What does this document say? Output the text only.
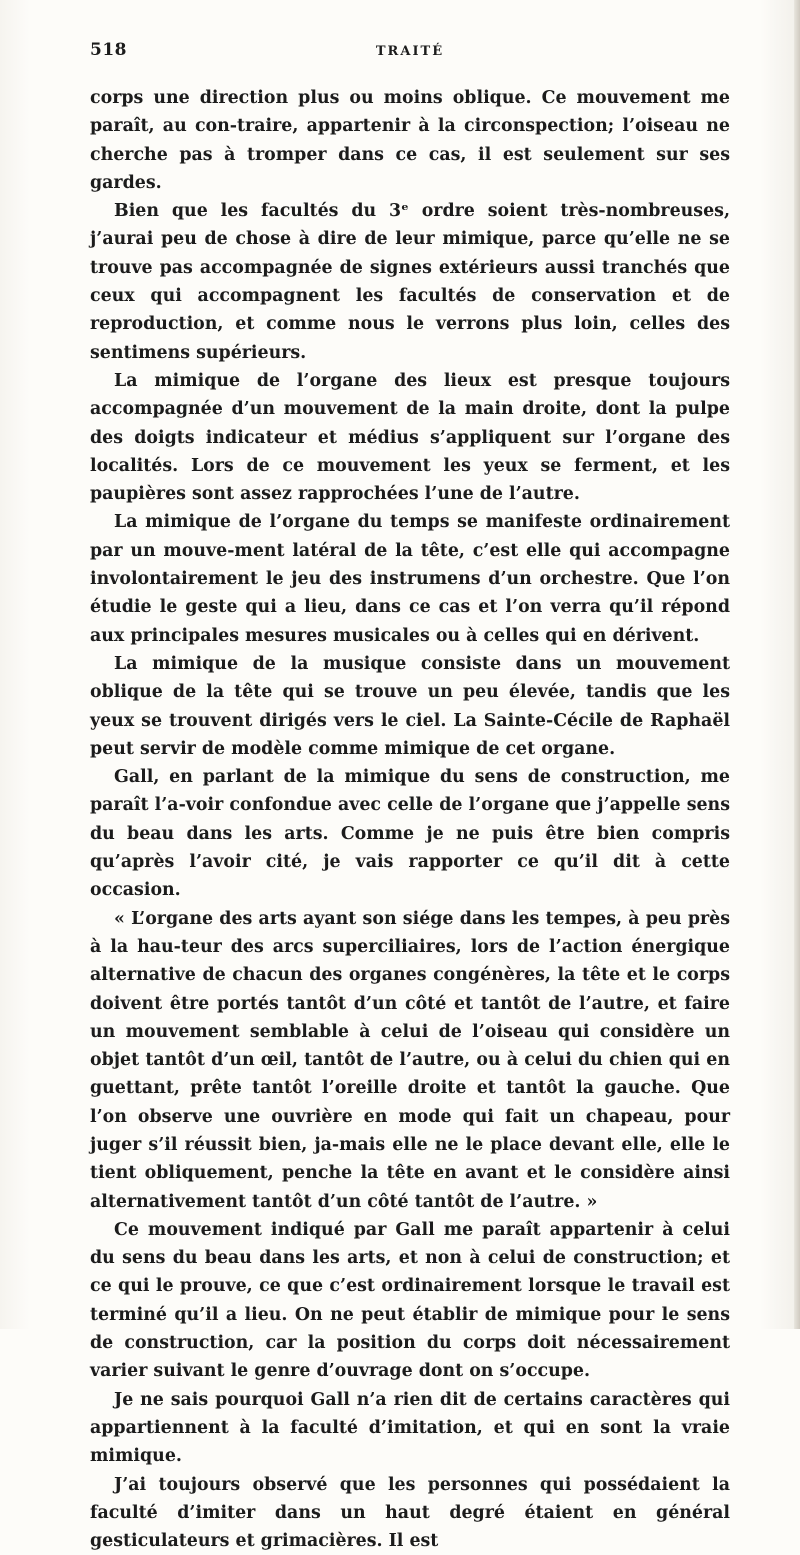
518	TRAITÉ

corps une direction plus ou moins oblique. Ce mouvement me paraît, au con-traire, appartenir à la circonspection; l’oiseau ne cherche pas à tromper dans ce cas, il est seulement sur ses gardes.

Bien que les facultés du 3ᵉ ordre soient très-nombreuses, j’aurai peu de chose à dire de leur mimique, parce qu’elle ne se trouve pas accompagnée de signes extérieurs aussi tranchés que ceux qui accompagnent les facultés de conservation et de reproduction, et comme nous le verrons plus loin, celles des sentimens supérieurs.

La mimique de l’organe des lieux est presque toujours accompagnée d’un mouvement de la main droite, dont la pulpe des doigts indicateur et médius s’appliquent sur l’organe des localités. Lors de ce mouvement les yeux se ferment, et les paupières sont assez rapprochées l’une de l’autre.

La mimique de l’organe du temps se manifeste ordinairement par un mouve-ment latéral de la tête, c’est elle qui accompagne involontairement le jeu des instrumens d’un orchestre. Que l’on étudie le geste qui a lieu, dans ce cas et l’on verra qu’il répond aux principales mesures musicales ou à celles qui en dérivent.

La mimique de la musique consiste dans un mouvement oblique de la tête qui se trouve un peu élevée, tandis que les yeux se trouvent dirigés vers le ciel. La Sainte-Cécile de Raphaël peut servir de modèle comme mimique de cet organe.

Gall, en parlant de la mimique du sens de construction, me paraît l’a-voir confondue avec celle de l’organe que j’appelle sens du beau dans les arts. Comme je ne puis être bien compris qu’après l’avoir cité, je vais rapporter ce qu’il dit à cette occasion.

« L’organe des arts ayant son siége dans les tempes, à peu près à la hau-teur des arcs superciliaires, lors de l’action énergique alternative de chacun des organes congénères, la tête et le corps doivent être portés tantôt d’un côté et tantôt de l’autre, et faire un mouvement semblable à celui de l’oiseau qui considère un objet tantôt d’un œil, tantôt de l’autre, ou à celui du chien qui en guettant, prête tantôt l’oreille droite et tantôt la gauche. Que l’on observe une ouvrière en mode qui fait un chapeau, pour juger s’il réussit bien, ja-mais elle ne le place devant elle, elle le tient obliquement, penche la tête en avant et le considère ainsi alternativement tantôt d’un côté tantôt de l’autre. »

Ce mouvement indiqué par Gall me paraît appartenir à celui du sens du beau dans les arts, et non à celui de construction; et ce qui le prouve, ce que c’est ordinairement lorsque le travail est terminé qu’il a lieu. On ne peut établir de mimique pour le sens de construction, car la position du corps doit nécessairement varier suivant le genre d’ouvrage dont on s’occupe.

Je ne sais pourquoi Gall n’a rien dit de certains caractères qui appartiennent à la faculté d’imitation, et qui en sont la vraie mimique.

J’ai toujours observé que les personnes qui possédaient la faculté d’imiter dans un haut degré étaient en général gesticulateurs et grimacières. Il est
